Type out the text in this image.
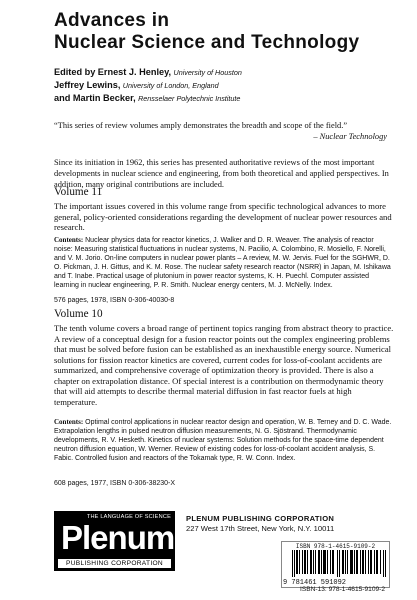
Advances in
Nuclear Science and Technology
Edited by Ernest J. Henley, University of Houston
Jeffrey Lewins, University of London, England
and Martin Becker, Rensselaer Polytechnic Institute
“This series of review volumes amply demonstrates the breadth and scope of the field.”
– Nuclear Technology

Since its initiation in 1962, this series has presented authoritative reviews of the most important developments in nuclear science and engineering, from both theoretical and applied perspectives. In addition, many original contributions are included.

Volume 11

The important issues covered in this volume range from specific technological advances to more general, policy-oriented considerations regarding the development of nuclear power resources and research.

Contents: Nuclear physics data for reactor kinetics, J. Walker and D. R. Weaver. The analysis of reactor noise: Measuring statistical fluctuations in nuclear systems, N. Pacilio, A. Colombino, R. Mosiello, F. Norelli, and V. M. Jorio. On-line computers in nuclear power plants – A review, M. W. Jervis. Fuel for the SGHWR, D. O. Pickman, J. H. Gittus, and K. M. Rose. The nuclear safety research reactor (NSRR) in Japan, M. Ishikawa and T. Inabe. Practical usage of plutonium in power reactor systems, K. H. Puechl. Computer assisted learning in nuclear engineering, P. R. Smith. Nuclear energy centers, M. J. McNelly. Index.
576 pages, 1978, ISBN 0-306-40030-8
Volume 10

The tenth volume covers a broad range of pertinent topics ranging from abstract theory to practice. A review of a conceptual design for a fusion reactor points out the complex engineering problems that must be solved before fusion can be established as an inexhaustible energy source. Numerical solutions for fission reactor kinetics are covered, current codes for loss-of-coolant accidents are summarized, and comprehensive coverage of optimization theory is provided. There is also a chapter on extrapolation distance. Of special interest is a contribution on thermodynamic theory that will aid attempts to describe thermal material diffusion in fast reactor fuels at high temperature.

Contents: Optimal control applications in nuclear reactor design and operation, W. B. Terney and D. C. Wade. Extrapolation lengths in pulsed neutron diffusion measurements, N. G. Sjöstrand. Thermodynamic developments, R. V. Hesketh. Kinetics of nuclear systems: Solution methods for the space-time dependent neutron diffusion equation, W. Werner. Review of existing codes for loss-of-coolant accident analysis, S. Fabic. Controlled fusion and reactors of the Tokamak type, R. W. Conn. Index.
608 pages, 1977, ISBN 0-306-38230-X
THE LANGUAGE OF SCIENCE
Plenum
PUBLISHING CORPORATION
PLENUM PUBLISHING CORPORATION
227 West 17th Street, New York, N.Y. 10011
ISBN 978-1-4615-9109-2
9 781461 591092
ISBN-13: 978-1-4615-9109-2
